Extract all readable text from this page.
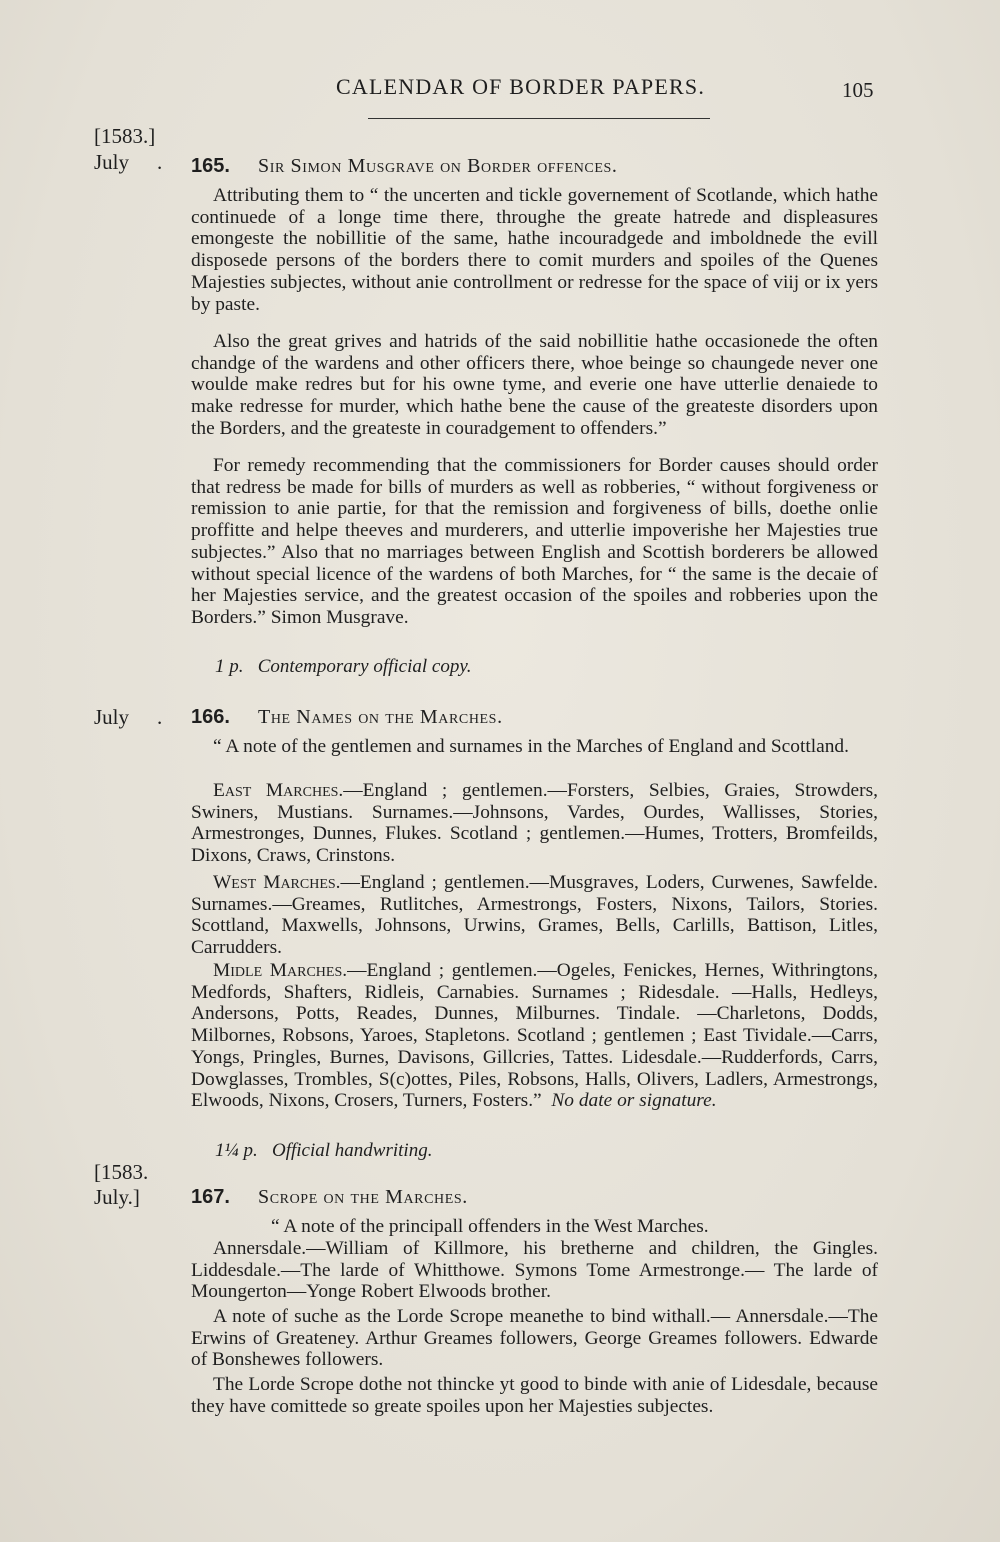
CALENDAR OF BORDER PAPERS.	105
[1583.]
July . 165. Sir Simon Musgrave on Border offences.

Attributing them to “ the uncerten and tickle governement of Scotlande, which hathe continuede of a longe time there, throughe the greate hatrede and displeasures emongeste the nobillitie of the same, hathe incouradgede and imboldnede the evill disposede persons of the borders there to comit murders and spoiles of the Quenes Majesties subjectes, without anie controllment or redresse for the space of viij or ix yers by paste.

Also the great grives and hatrids of the said nobillitie hathe occasionede the often chandge of the wardens and other officers there, whoe beinge so chaungede never one woulde make redres but for his owne tyme, and everie one have utterlie denaiede to make redresse for murder, which hathe bene the cause of the greateste disorders upon the Borders, and the greateste in couradgement to offenders.”

For remedy recommending that the commissioners for Border causes should order that redress be made for bills of murders as well as robberies, “ without forgiveness or remission to anie partie, for that the remission and forgiveness of bills, doethe onlie proffitte and helpe theeves and murderers, and utterlie impoverishe her Majesties true subjectes.” Also that no marriages between English and Scottish borderers be allowed without special licence of the wardens of both Marches, for “ the same is the decaie of her Majesties service, and the greatest occasion of the spoiles and robberies upon the Borders.” Simon Musgrave.

1 p. Contemporary official copy.
July . 166. The Names on the Marches.

“ A note of the gentlemen and surnames in the Marches of England and Scottland.

East Marches.—England ; gentlemen.—Forsters, Selbies, Graies, Strowders, Swiners, Mustians. Surnames.—Johnsons, Vardes, Ourdes, Wallisses, Stories, Armestronges, Dunnes, Flukes. Scotland ; gentlemen.—Humes, Trotters, Bromfeilds, Dixons, Craws, Crinstons.

West Marches.—England ; gentlemen.—Musgraves, Loders, Curwenes, Sawfelde. Surnames.—Greames, Rutlitches, Armestrongs, Fosters, Nixons, Tailors, Stories. Scottland, Maxwells, Johnsons, Urwins, Grames, Bells, Carlills, Battison, Litles, Carrudders.

Midle Marches.—England ; gentlemen.—Ogeles, Fenickes, Hernes, Withringtons, Medfords, Shafters, Ridleis, Carnabies. Surnames ; Ridesdale. —Halls, Hedleys, Andersons, Potts, Reades, Dunnes, Milburnes. Tindale. —Charletons, Dodds, Milbornes, Robsons, Yaroes, Stapletons. Scotland ; gentlemen ; East Tividale.—Carrs, Yongs, Pringles, Burnes, Davisons, Gillcries, Tattes. Lidesdale.—Rudderfords, Carrs, Dowglasses, Trombles, S(c)ottes, Piles, Robsons, Halls, Olivers, Ladlers, Armestrongs, Elwoods, Nixons, Crosers, Turners, Fosters.” No date or signature.

1¼ p. Official handwriting.
[1583.
July.]	167. Scrope on the Marches.

“ A note of the principall offenders in the West Marches.

Annersdale.—William of Killmore, his bretherne and children, the Gingles. Liddesdale.—The larde of Whitthowe. Symons Tome Armestronge.— The larde of Moungerton—Yonge Robert Elwoods brother.

A note of suche as the Lorde Scrope meanethe to bind withall.— Annersdale.—The Erwins of Greateney. Arthur Greames followers, George Greames followers. Edwarde of Bonshewes followers.

The Lorde Scrope dothe not thincke yt good to binde with anie of Lidesdale, because they have comittede so greate spoiles upon her Majesties subjectes.
